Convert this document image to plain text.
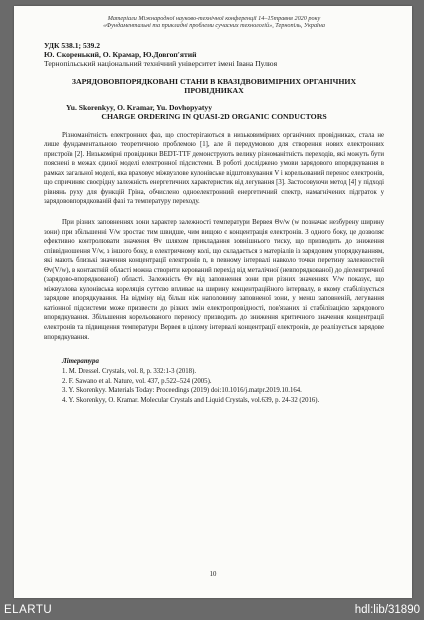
Матеріали Міжнародної науково-технічної конференції 14–15травня 2020 року
«Фундаментальні та прикладні проблеми сучасних технологій», Тернопіль, Україна
УДК 538.1; 539.2
Ю. Скоренький, О. Крамар, Ю.Довгоп'ятий
Тернопільський національний технічний університет імені Івана Пулюя
ЗАРЯДОВОВПОРЯДКОВАНІ СТАНИ В КВАЗІДВОВИМІРНИХ ОРГАНІЧНИХ ПРОВІДНИКАХ
Yu. Skorenkyy, O. Kramar, Yu. Dovhopyatyy
CHARGE ORDERING IN QUASI-2D ORGANIC CONDUCTORS

Різноманітність електронних фаз, що спостерігаються в низьковимірних органічних провідниках, стала не лише фундаментальною теоретичною проблемою [1], але й передумовою для створення нових електронних пристроїв [2]. Низькомірні провідники BEDT-TTF демонструють велику різноманітність переходів, які можуть бути пояснені в межах єдиної моделі електронної підсистеми. В роботі досліджено умови зарядового впорядкування в рамках загальної моделі, яка враховує міжвузлове кулонівське відштовхування V і корельований перенос електронів, що спричиняє своєрідну залежність енергетичних характеристик від легування [3]. Застосовуючи метод [4] у підході рівнянь руху для функцій Гріна, обчислено одноелектронний енергетичний спектр, намагнічених підграток у зарядововпорядкованій фазі та температуру переходу.

При різних заповненнях зони характер залежності температури Вервея Θv/w (w позначає незбурену ширину зони) при збільшенні V/w зростає тим швидше, чим вищою є концентрація електронів. З одного боку, це дозволяє ефективно контролювати значення Θv шляхом прикладання зовнішнього тиску, що призводить до зниження співвідношення V/w, з іншого боку, в електричному колі, що складається з матеріалів із зарядовим упорядкуванням, які мають близькі значення концентрації електронів n, в певному інтервалі навколо точки перетину залежностей Θv(V/w), в контактній області можна створити керований перехід від металічної (невпорядкованої) до діелектричної (зарядово-впорядкованої) області. Залежність Θv від заповнення зони при різних значеннях V/w показує, що міжвузлова кулонівська кореляція суттєво впливає на ширину концентраційного інтервалу, в якому стабілізується зарядове впорядкування. На відміну від більш ніж наполовину заповненої зони, у менш заповненій, легування катіонної підсистеми може призвести до різких змін електропровідності, пов'язаних зі стабілізацією зарядового впорядкування. Збільшення корельованого переносу призводить до зниження критичного значення концентрації електронів та підвищення температури Вервея в цілому інтервалі концентрації електронів, де реалізується зарядове впорядкування.

Література
1. M. Dressel. Crystals, vol. 8, p. 332:1-3 (2018).
2. F. Sawano et al. Nature, vol. 437, p.522–524 (2005).
3. Y. Skorenkyy. Materials Today: Proceedings (2019) doi:10.1016/j.matpr.2019.10.164.
4. Y. Skorenkyy, O. Kramar. Molecular Crystals and Liquid Crystals, vol.639, p. 24-32 (2016).
10
ELARTU	hdl:lib/31890
